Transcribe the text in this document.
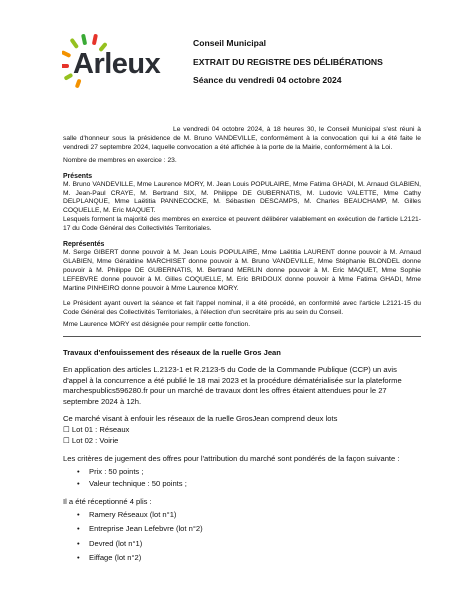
Arleux
Conseil Municipal
EXTRAIT DU REGISTRE DES DÉLIBÉRATIONS
Séance du vendredi 04 octobre 2024

Le vendredi 04 octobre 2024, à 18 heures 30, le Conseil Municipal s'est réuni à salle d'honneur sous la présidence de M. Bruno VANDEVILLE, conformément à la convocation qui lui a été faite le vendredi 27 septembre 2024, laquelle convocation a été affichée à la porte de la Mairie, conformément à la Loi.

Nombre de membres en exercice : 23.

Présents

M. Bruno VANDEVILLE, Mme Laurence MORY, M. Jean Louis POPULAIRE, Mme Fatima GHADI, M. Arnaud GLABIEN, M. Jean-Paul CRAYE, M. Bertrand SIX, M. Philippe DE GUBERNATIS, M. Ludovic VALETTE, Mme Cathy DELPLANQUE, Mme Laëtitia PANNECOCKE, M. Sébastien DESCAMPS, M. Charles BEAUCHAMP, M. Gilles COQUELLE, M. Eric MAQUET.

Lesquels forment la majorité des membres en exercice et peuvent délibérer valablement en exécution de l'article L2121-17 du Code Général des Collectivités Territoriales.

Représentés

M. Serge GIBERT donne pouvoir à M. Jean Louis POPULAIRE, Mme Laëtitia LAURENT donne pouvoir à M. Arnaud GLABIEN, Mme Géraldine MARCHISET donne pouvoir à M. Bruno VANDEVILLE, Mme Stéphanie BLONDEL donne pouvoir à M. Philippe DE GUBERNATIS, M. Bertrand MERLIN donne pouvoir à M. Eric MAQUET, Mme Sophie LEFEBVRE donne pouvoir à M. Gilles COQUELLE, M. Eric BRIDOUX donne pouvoir à Mme Fatima GHADI, Mme Martine PINHEIRO donne pouvoir à Mme Laurence MORY.

Le Président ayant ouvert la séance et fait l'appel nominal, il a été procédé, en conformité avec l'article L2121-15 du Code Général des Collectivités Territoriales, à l'élection d'un secrétaire pris au sein du Conseil.

Mme Laurence MORY est désignée pour remplir cette fonction.

Travaux d'enfouissement des réseaux de la ruelle Gros Jean

En application des articles L.2123-1 et R.2123-5 du Code de la Commande Publique (CCP) un avis d'appel à la concurrence a été publié le 18 mai 2023 et la procédure dématérialisée sur la plateforme marchespublics596280.fr pour un marché de travaux dont les offres étaient attendues pour le 27 septembre 2024 à 12h.

Ce marché visant à enfouir les réseaux de la ruelle GrosJean comprend deux lots

☐ Lot 01 : Réseaux
☐ Lot 02 : Voirie

Les critères de jugement des offres pour l'attribution du marché sont pondérés de la façon suivante :

• Prix : 50 points ;
• Valeur technique : 50 points ;

Il a été réceptionné 4 plis :

• Ramery Réseaux (lot n°1)
• Entreprise Jean Lefebvre (lot n°2)
• Devred (lot n°1)
• Eiffage (lot n°2)
